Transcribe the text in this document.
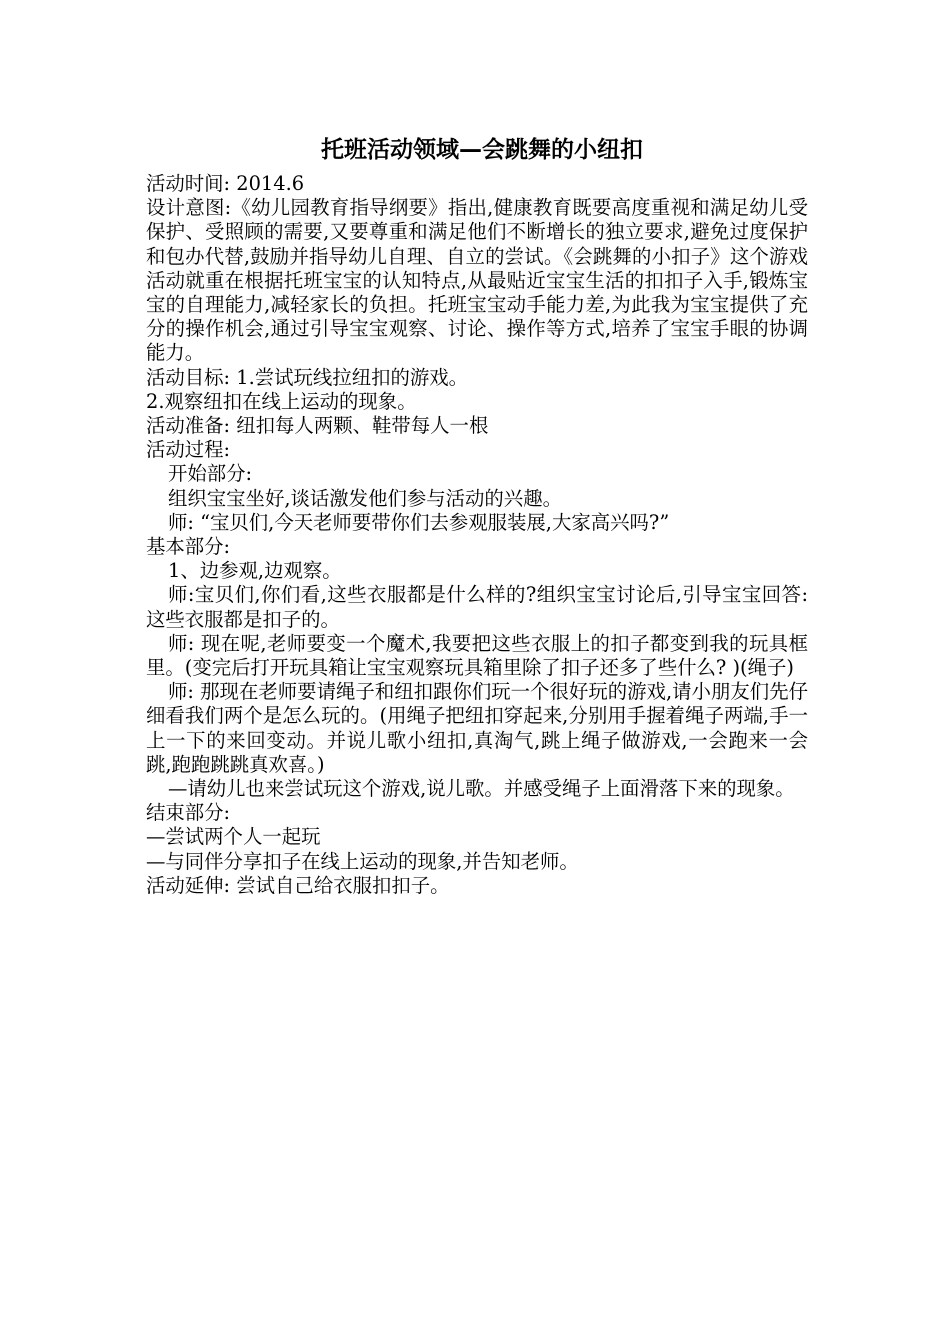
托班活动领域—会跳舞的小纽扣

活动时间: 2014.6

设计意图:《幼儿园教育指导纲要》指出,健康教育既要高度重视和满足幼儿受保护、受照顾的需要,又要尊重和满足他们不断增长的独立要求,避免过度保护和包办代替,鼓励并指导幼儿自理、自立的尝试。《会跳舞的小扣子》这个游戏活动就重在根据托班宝宝的认知特点,从最贴近宝宝生活的扣扣子入手,锻炼宝宝的自理能力,减轻家长的负担。托班宝宝动手能力差,为此我为宝宝提供了充分的操作机会,通过引导宝宝观察、讨论、操作等方式,培养了宝宝手眼的协调能力。

活动目标: 1.尝试玩线拉纽扣的游戏。

2.观察纽扣在线上运动的现象。

活动准备: 纽扣每人两颗、鞋带每人一根

活动过程:

开始部分:

组织宝宝坐好,谈话激发他们参与活动的兴趣。

师: “宝贝们,今天老师要带你们去参观服装展,大家高兴吗?”

基本部分:

1、边参观,边观察。

师:宝贝们,你们看,这些衣服都是什么样的?组织宝宝讨论后,引导宝宝回答: 这些衣服都是扣子的。

师: 现在呢,老师要变一个魔术,我要把这些衣服上的扣子都变到我的玩具框里。(变完后打开玩具箱让宝宝观察玩具箱里除了扣子还多了些什么? )(绳子)

师: 那现在老师要请绳子和纽扣跟你们玩一个很好玩的游戏,请小朋友们先仔细看我们两个是怎么玩的。(用绳子把纽扣穿起来,分别用手握着绳子两端,手一上一下的来回变动。并说儿歌小纽扣,真淘气,跳上绳子做游戏,一会跑来一会跳,跑跑跳跳真欢喜。)

—请幼儿也来尝试玩这个游戏,说儿歌。并感受绳子上面滑落下来的现象。

结束部分:

—尝试两个人一起玩

—与同伴分享扣子在线上运动的现象,并告知老师。

活动延伸: 尝试自己给衣服扣扣子。
